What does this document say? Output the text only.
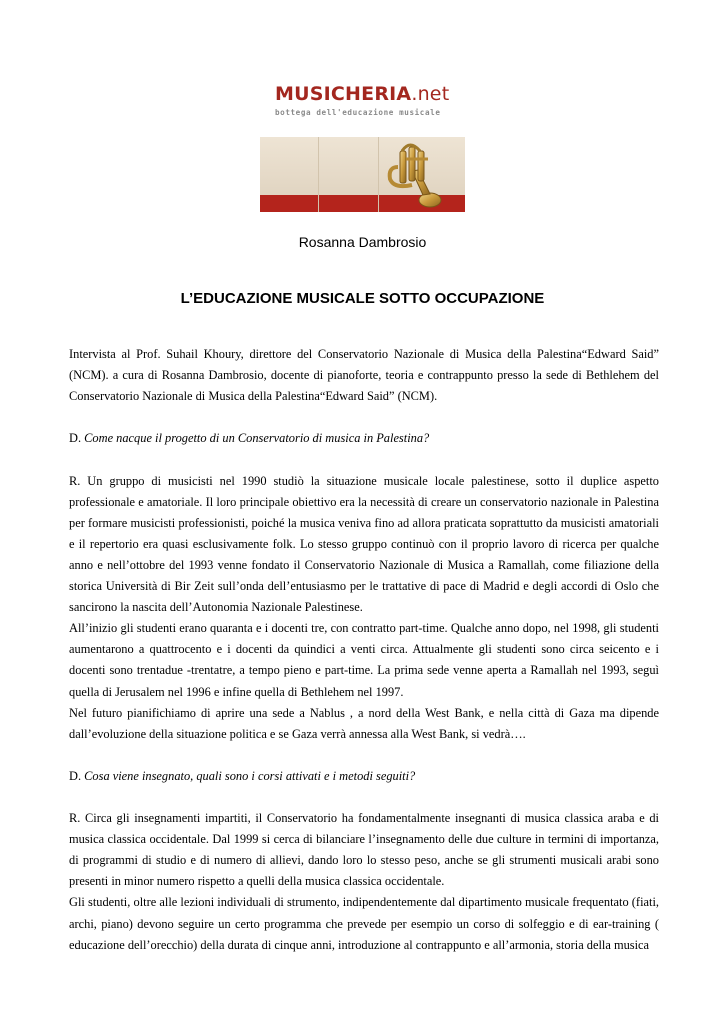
MUSICHERIA.net
bottega dell'educazione musicale
Rosanna Dambrosio
L’EDUCAZIONE MUSICALE SOTTO OCCUPAZIONE

Intervista al Prof. Suhail Khoury, direttore del Conservatorio Nazionale di Musica della Palestina“Edward Said” (NCM). a cura di Rosanna Dambrosio, docente di pianoforte, teoria e contrappunto presso la sede di Bethlehem del Conservatorio Nazionale di Musica della Palestina“Edward Said” (NCM).

D. Come nacque il progetto di un Conservatorio di musica in Palestina?

R. Un gruppo di musicisti nel 1990 studiò la situazione musicale locale palestinese, sotto il duplice aspetto professionale e amatoriale. Il loro principale obiettivo era la necessità di creare un conservatorio nazionale in Palestina per formare musicisti professionisti, poiché la musica veniva fino ad allora praticata soprattutto da musicisti amatoriali e il repertorio era quasi esclusivamente folk. Lo stesso gruppo continuò con il proprio lavoro di ricerca per qualche anno e nell’ottobre del 1993 venne fondato il Conservatorio Nazionale di Musica a Ramallah, come filiazione della storica Università di Bir Zeit sull’onda dell’entusiasmo per le trattative di pace di Madrid e degli accordi di Oslo che sancirono la nascita dell’Autonomia Nazionale Palestinese.

All’inizio gli studenti erano quaranta e i docenti tre, con contratto part-time. Qualche anno dopo, nel 1998, gli studenti aumentarono a quattrocento e i docenti da quindici a venti circa. Attualmente gli studenti sono circa seicento e i docenti sono trentadue -trentatre, a tempo pieno e part-time. La prima sede venne aperta a Ramallah nel 1993, seguì quella di Jerusalem nel 1996 e infine quella di Bethlehem nel 1997.

Nel futuro pianifichiamo di aprire una sede a Nablus , a nord della West Bank, e nella città di Gaza ma dipende dall’evoluzione della situazione politica e se Gaza verrà annessa alla West Bank, si vedrà….

D. Cosa viene insegnato, quali sono i corsi attivati e i metodi seguiti?

R. Circa gli insegnamenti impartiti, il Conservatorio ha fondamentalmente insegnanti di musica classica araba e di musica classica occidentale. Dal 1999 si cerca di bilanciare l’insegnamento delle due culture in termini di importanza, di programmi di studio e di numero di allievi, dando loro lo stesso peso, anche se gli strumenti musicali arabi sono presenti in minor numero rispetto a quelli della musica classica occidentale.

Gli studenti, oltre alle lezioni individuali di strumento, indipendentemente dal dipartimento musicale frequentato (fiati, archi, piano) devono seguire un certo programma che prevede per esempio un corso di solfeggio e di ear-training ( educazione dell’orecchio) della durata di cinque anni, introduzione al contrappunto e all’armonia, storia della musica
